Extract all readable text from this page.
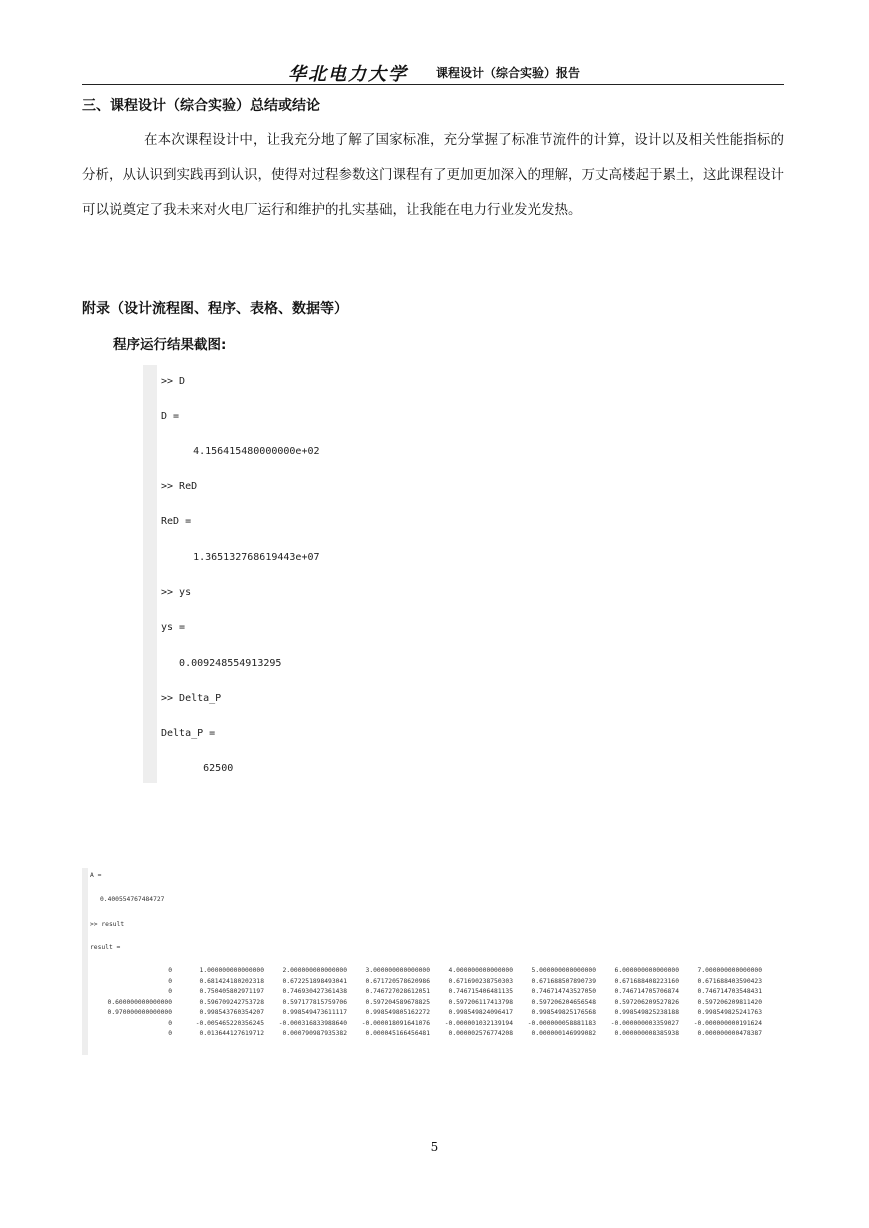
华北电力大学 课程设计（综合实验）报告
三、课程设计（综合实验）总结或结论

在本次课程设计中，让我充分地了解了国家标准，充分掌握了标准节流件的计算，设计以及相关性能指标的分析，从认识到实践再到认识，使得对过程参数这门课程有了更加更加深入的理解，万丈高楼起于累土，这此课程设计可以说奠定了我未来对火电厂运行和维护的扎实基础，让我能在电力行业发光发热。

附录（设计流程图、程序、表格、数据等）
程序运行结果截图:
>> D
D =
4.156415480000000e+02
>> ReD
ReD =
1.365132768619443e+07
>> ys
ys =
0.009248554913295
>> Delta_P
Delta_P =
62500
A =
0.400554767484727
>> result
result =
0	1.000000000000000	2.000000000000000	3.000000000000000	4.000000000000000	5.000000000000000	6.000000000000000	7.000000000000000
0	0.681424180202318	0.672251898493041	0.671720578620986	0.671690238750303	0.671688507890739	0.671688408223160	0.671688403590423
0	0.750405802971197	0.746930427361438	0.746727028612051	0.746715406481135	0.746714743527050	0.746714705706874	0.746714703548431
0.600000000000000	0.596709242753728	0.597177815759706	0.597204589678825	0.597206117413798	0.597206204656548	0.597206209527826	0.597206209811420
0.970000000000000	0.998543760354207	0.998549473611117	0.998549805162272	0.998549824096417	0.998549825176568	0.998549825238188	0.998549825241763
0	-0.005465220356245	-0.000316833988640	-0.000018091641076	-0.000001032139194	-0.000000058881183	-0.000000003359027	-0.000000000191624
0	0.013644127619712	0.000790987935382	0.000045166456481	0.000002576774208	0.000000146999082	0.000000008385938	0.000000000478387
5
